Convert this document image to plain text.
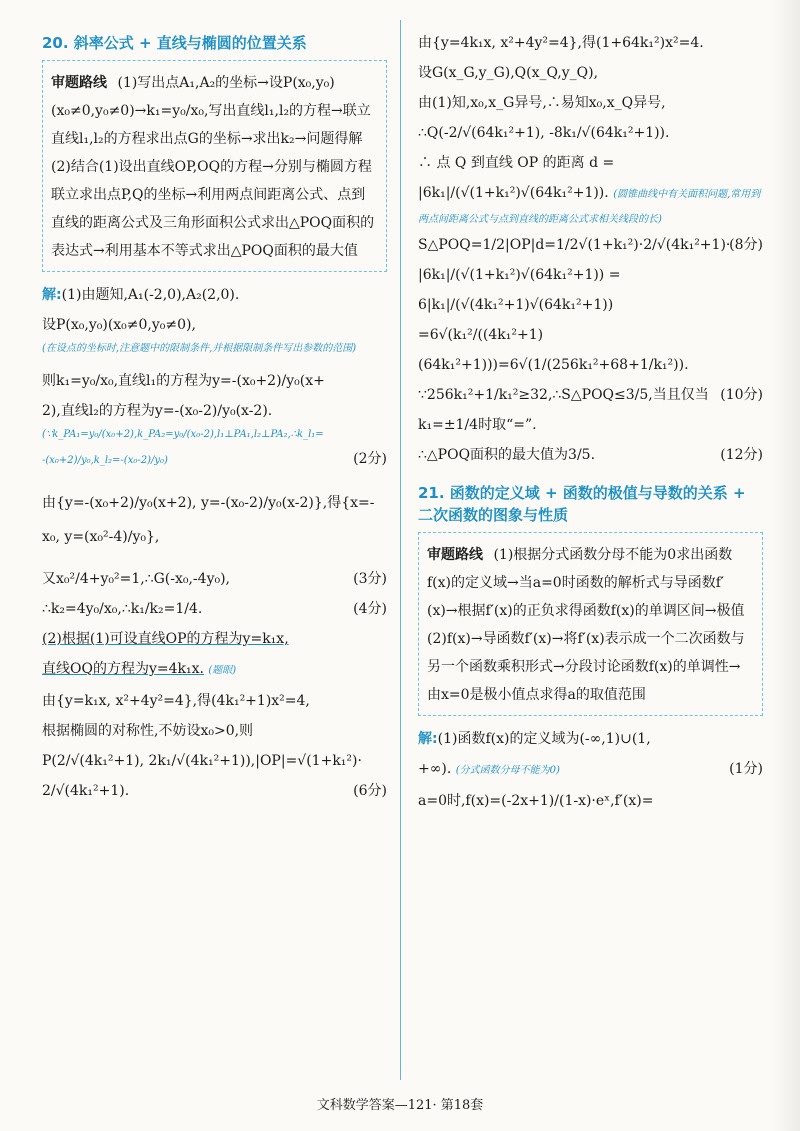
20. 斜率公式 + 直线与椭圆的位置关系
审题路线 (1)写出点A₁,A₂的坐标→设P(x₀,y₀)(x₀≠0,y₀≠0)→k₁=y₀/x₀,写出直线l₁,l₂的方程→联立直线l₁,l₂的方程求出点G的坐标→求出k₂→问题得解
(2)结合(1)设出直线OP,OQ的方程→分别与椭圆方程联立求出点P,Q的坐标→利用两点间距离公式、点到直线的距离公式及三角形面积公式求出△POQ面积的表达式→利用基本不等式求出△POQ面积的最大值
解:(1)由题知,A₁(-2,0),A₂(2,0).
设P(x₀,y₀)(x₀≠0,y₀≠0),
(在设点的坐标时,注意题中的限制条件,并根据限制条件写出参数的范围)
则k₁=y₀/x₀,直线l₁的方程为y=-(x₀+2)/y₀(x+
2),直线l₂的方程为y=-(x₀-2)/y₀(x-2).
(∵k_PA₁=y₀/(x₀+2),k_PA₂=y₀/(x₀-2),l₁⊥PA₁,l₂⊥PA₂,∴k_l₁=
-(x₀+2)/y₀,k_l₂=-(x₀-2)/y₀)	(2分)
由{y=-(x₀+2)/y₀(x+2), y=-(x₀-2)/y₀(x-2)},得{x=-x₀, y=(x₀²-4)/y₀},
又x₀²/4+y₀²=1,∴G(-x₀,-4y₀),	(3分)
∴k₂=4y₀/x₀,∴k₁/k₂=1/4.	(4分)
(2)根据(1)可设直线OP的方程为y=k₁x,
直线OQ的方程为y=4k₁x. (题眼)
由{y=k₁x, x²+4y²=4},得(4k₁²+1)x²=4,
根据椭圆的对称性,不妨设x₀>0,则
P(2/√(4k₁²+1), 2k₁/√(4k₁²+1)),|OP|=√(1+k₁²)·
2/√(4k₁²+1).	(6分)
由{y=4k₁x, x²+4y²=4},得(1+64k₁²)x²=4.
设G(x_G,y_G),Q(x_Q,y_Q),
由(1)知,x₀,x_G异号,∴易知x₀,x_Q异号,
∴Q(-2/√(64k₁²+1), -8k₁/√(64k₁²+1)).
∴ 点 Q 到直线 OP 的距离 d =
|6k₁|/(√(1+k₁²)√(64k₁²+1)). (圆锥曲线中有关面积问题,常用到
两点间距离公式与点到直线的距离公式求相关线段的长)
(8分)
S△POQ=1/2|OP|d=1/2√(1+k₁²)·2/√(4k₁²+1)·
|6k₁|/(√(1+k₁²)√(64k₁²+1)) = 6|k₁|/(√(4k₁²+1)√(64k₁²+1))
=6√(k₁²/((4k₁²+1)(64k₁²+1)))=6√(1/(256k₁²+68+1/k₁²)).
(10分)
∵256k₁²+1/k₁²≥32,∴S△POQ≤3/5,当且仅当
k₁=±1/4时取“=”.
∴△POQ面积的最大值为3/5.	(12分)
21. 函数的定义域 + 函数的极值与导数的关系 +
二次函数的图象与性质
审题路线 (1)根据分式函数分母不能为0求出函数f(x)的定义域→当a=0时函数的解析式与导函数f′(x)→根据f′(x)的正负求得函数f(x)的单调区间→极值
(2)f(x)→导函数f′(x)→将f′(x)表示成一个二次函数与另一个函数乘积形式→分段讨论函数f(x)的单调性→由x=0是极小值点求得a的取值范围
解:(1)函数f(x)的定义域为(-∞,1)∪(1,
+∞). (分式函数分母不能为0)	(1分)
a=0时,f(x)=(-2x+1)/(1-x)·eˣ,f′(x)=
文科数学答案—121· 第18套
